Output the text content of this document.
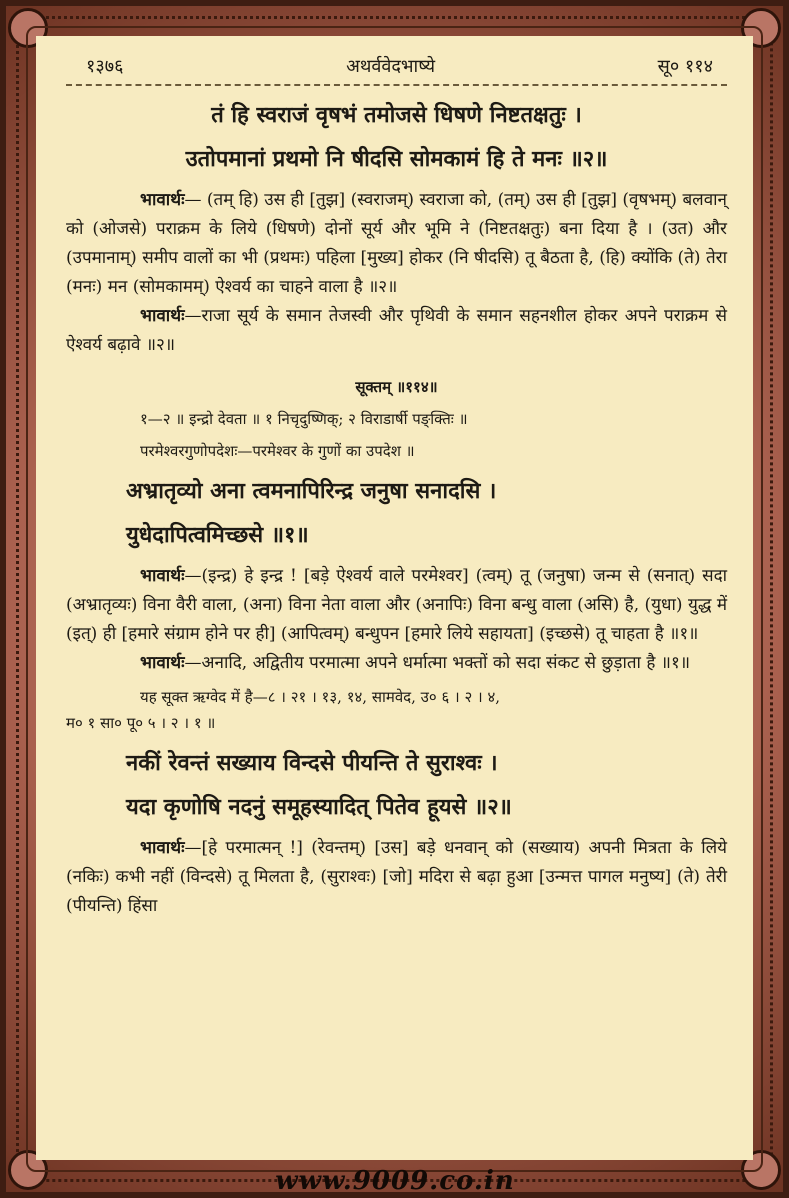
१३७६	अथर्ववेदभाष्ये	सू० ११४

तं हि स्वराजं वृषभं तमोजसे धिषणे निष्टतक्षतुः ।

उतोपमानां प्रथमो नि षीदसि सोमकामं हि ते मनः ॥२॥

भावार्थः— (तम् हि) उस ही [तुझ] (स्वराजम्) स्वराजा को, (तम्) उस ही [तुझ] (वृषभम्) बलवान् को (ओजसे) पराक्रम के लिये (धिषणे) दोनों सूर्य और भूमि ने (निष्टतक्षतुः) बना दिया है । (उत) और (उपमानाम्) समीप वालों का भी (प्रथमः) पहिला [मुख्य] होकर (नि षीदसि) तू बैठता है, (हि) क्योंकि (ते) तेरा (मनः) मन (सोमकामम्) ऐश्वर्य का चाहने वाला है ॥२॥

भावार्थः—राजा सूर्य के समान तेजस्वी और पृथिवी के समान सहनशील होकर अपने पराक्रम से ऐश्वर्य बढ़ावे ॥२॥

सूक्तम् ॥११४॥

१—२ ॥ इन्द्रो देवता ॥ १ निचृदुष्णिक्; २ विराडार्षी पङ्क्तिः ॥

परमेश्वरगुणोपदेशः—परमेश्वर के गुणों का उपदेश ॥

अभ्रातृव्यो अना त्वमनापिरिन्द्र जनुषा सनादसि ।

युधेदापित्वमिच्छसे ॥१॥

भावार्थः—(इन्द्र) हे इन्द्र ! [बड़े ऐश्वर्य वाले परमेश्वर] (त्वम्) तू (जनुषा) जन्म से (सनात्) सदा (अभ्रातृव्यः) विना वैरी वाला, (अना) विना नेता वाला और (अनापिः) विना बन्धु वाला (असि) है, (युधा) युद्ध में (इत्) ही [हमारे संग्राम होने पर ही] (आपित्वम्) बन्धुपन [हमारे लिये सहायता] (इच्छसे) तू चाहता है ॥१॥

भावार्थः—अनादि, अद्वितीय परमात्मा अपने धर्मात्मा भक्तों को सदा संकट से छुड़ाता है ॥१॥

यह सूक्त ऋग्वेद में है—८ । २१ । १३, १४, सामवेद, उ० ६ । २ । ४,

म० १ सा० पू० ५ । २ । १ ॥

नकीं रेवन्तं सख्याय विन्दसे पीयन्ति ते सुराश्वः ।

यदा कृणोषि नदनुं समूहस्यादित् पितेव हूयसे ॥२॥

भावार्थः—[हे परमात्मन् !] (रेवन्तम्) [उस] बड़े धनवान् को (सख्याय) अपनी मित्रता के लिये (नकिः) कभी नहीं (विन्दसे) तू मिलता है, (सुराश्वः) [जो] मदिरा से बढ़ा हुआ [उन्मत्त पागल मनुष्य] (ते) तेरी (पीयन्ति) हिंसा

www.9009.co.in
